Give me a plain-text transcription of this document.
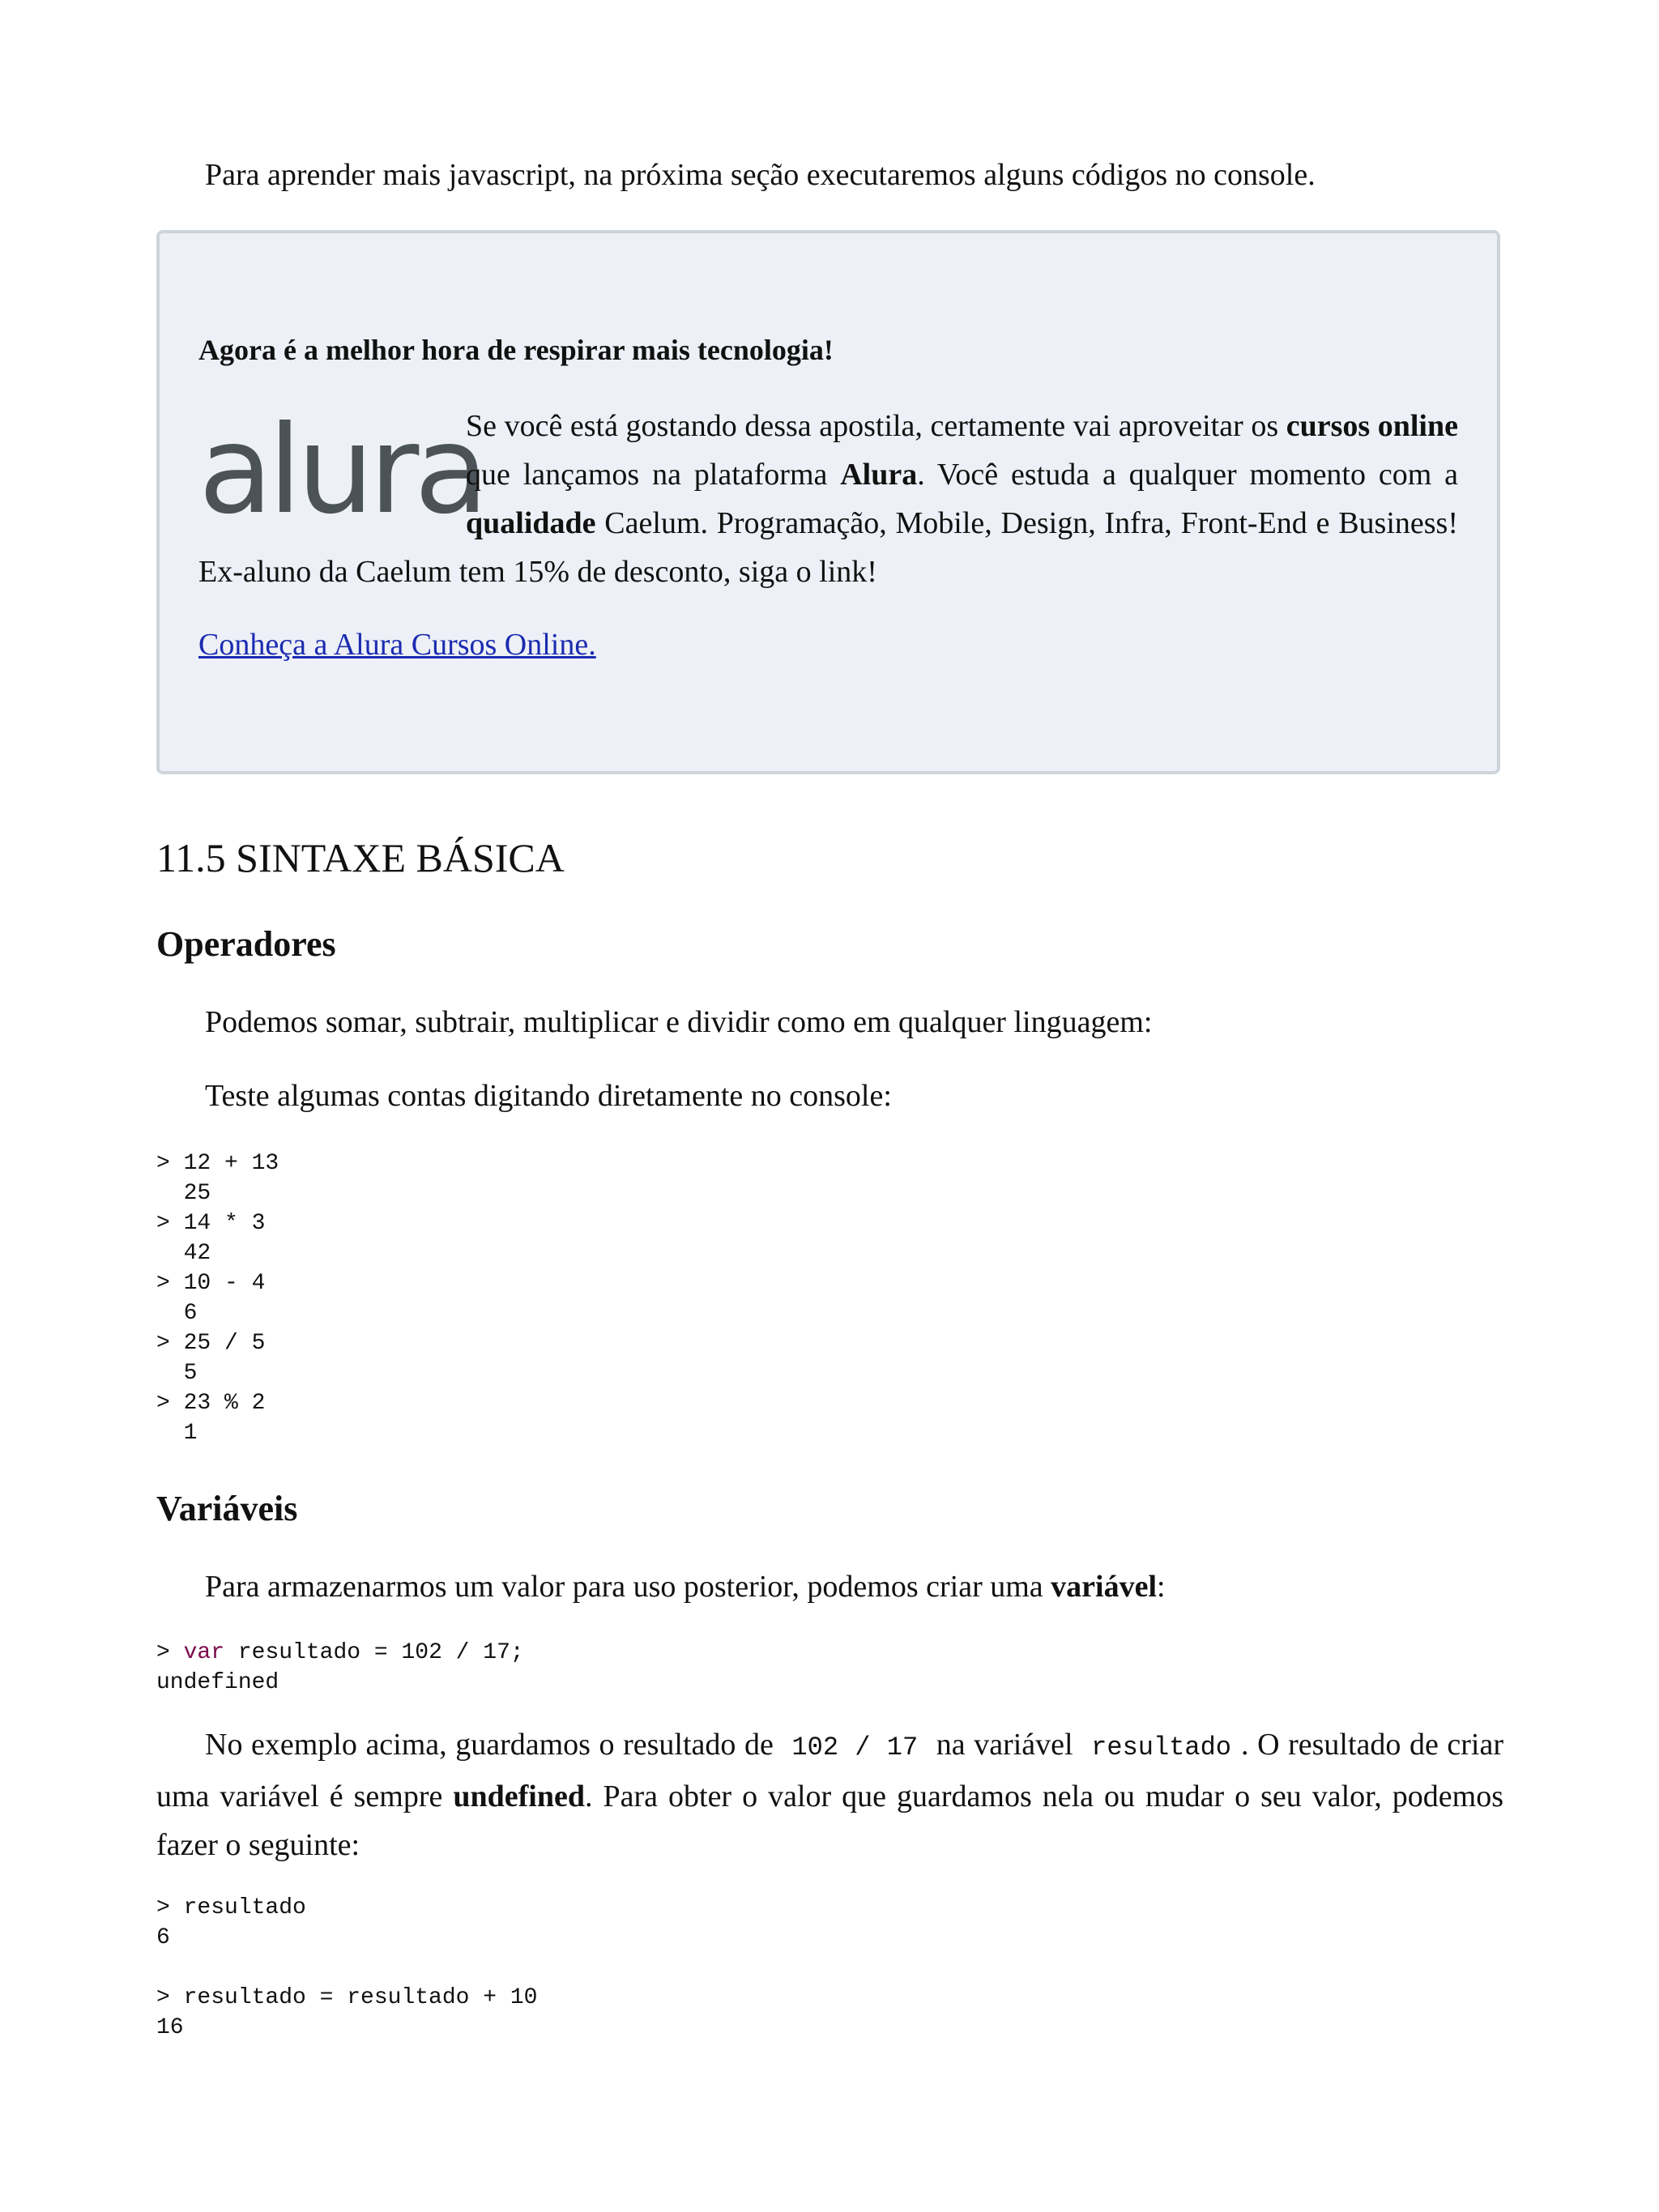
Para aprender mais javascript, na próxima seção executaremos alguns códigos no console.

Agora é a melhor hora de respirar mais tecnologia!

alura

Se você está gostando dessa apostila, certamente vai aproveitar os cursos online que lançamos na plataforma Alura. Você estuda a qualquer momento com a qualidade Caelum. Programação, Mobile, Design, Infra, Front-End e Business! Ex-aluno da Caelum tem 15% de desconto, siga o link!

Conheça a Alura Cursos Online.
11.5 SINTAXE BÁSICA
Operadores

Podemos somar, subtrair, multiplicar e dividir como em qualquer linguagem:

Teste algumas contas digitando diretamente no console:

> 12 + 13
25
> 14 * 3
42
> 10 - 4
6
> 25 / 5
5
> 23 % 2
1
Variáveis

Para armazenarmos um valor para uso posterior, podemos criar uma variável:

> var resultado = 102 / 17;
undefined

No exemplo acima, guardamos o resultado de 102 / 17 na variável resultado . O resultado de criar uma variável é sempre undefined. Para obter o valor que guardamos nela ou mudar o seu valor, podemos fazer o seguinte:

> resultado
6

> resultado = resultado + 10
16
